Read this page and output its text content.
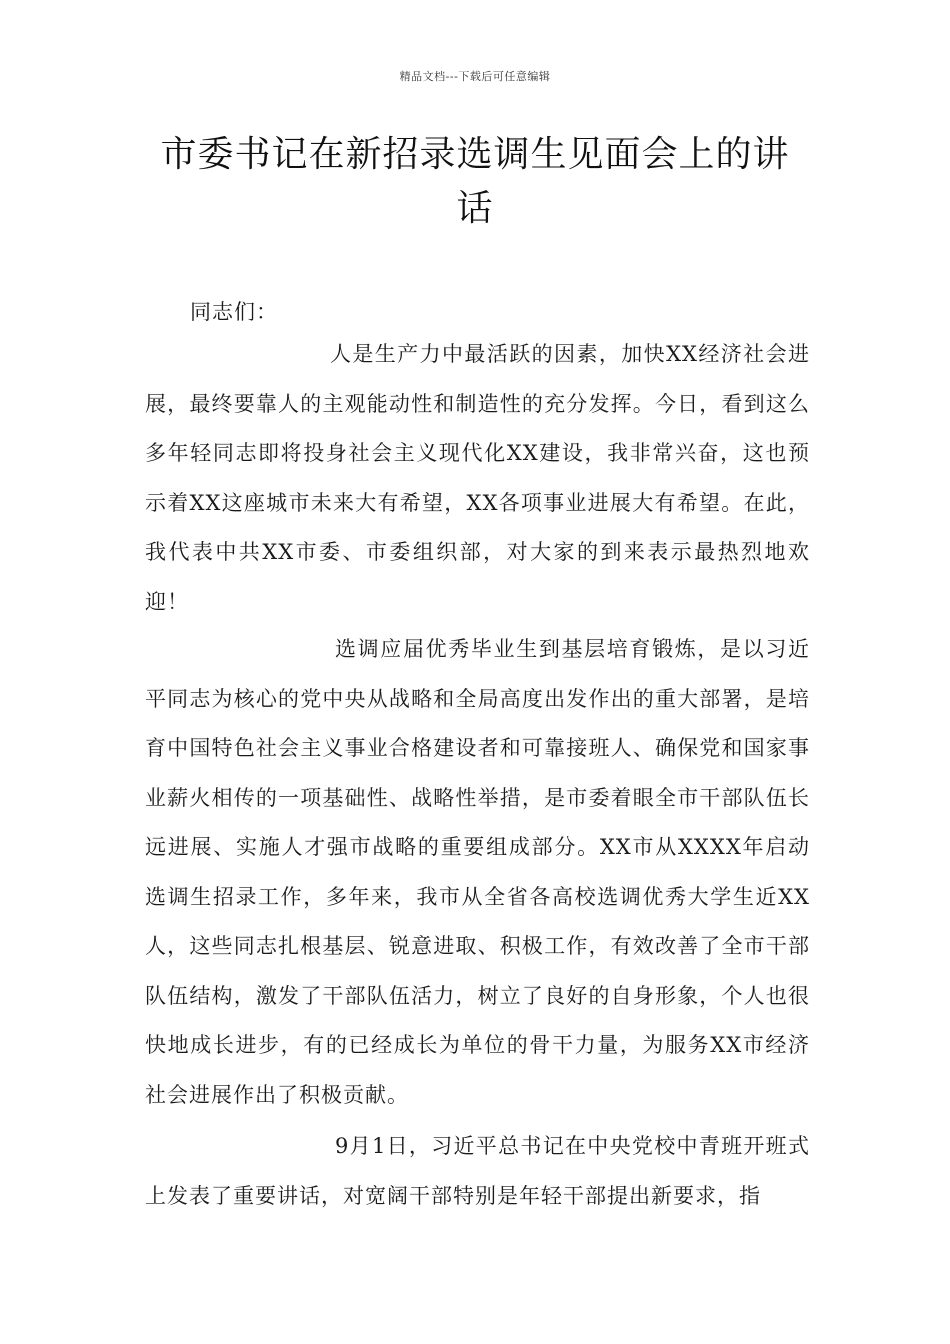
精品文档---下载后可任意编辑
市委书记在新招录选调生见面会上的讲话

同志们：

人是生产力中最活跃的因素，加快XX经济社会进展，最终要靠人的主观能动性和制造性的充分发挥。今日，看到这么多年轻同志即将投身社会主义现代化XX建设，我非常兴奋，这也预示着XX这座城市未来大有希望，XX各项事业进展大有希望。在此，我代表中共XX市委、市委组织部，对大家的到来表示最热烈地欢迎！

选调应届优秀毕业生到基层培育锻炼，是以习近平同志为核心的党中央从战略和全局高度出发作出的重大部署，是培育中国特色社会主义事业合格建设者和可靠接班人、确保党和国家事业薪火相传的一项基础性、战略性举措，是市委着眼全市干部队伍长远进展、实施人才强市战略的重要组成部分。XX市从XXXX年启动选调生招录工作，多年来，我市从全省各高校选调优秀大学生近XX人，这些同志扎根基层、锐意进取、积极工作，有效改善了全市干部队伍结构，激发了干部队伍活力，树立了良好的自身形象，个人也很快地成长进步，有的已经成长为单位的骨干力量，为服务XX市经济社会进展作出了积极贡献。

9月1日，习近平总书记在中央党校中青班开班式上发表了重要讲话，对宽阔干部特别是年轻干部提出新要求，指
